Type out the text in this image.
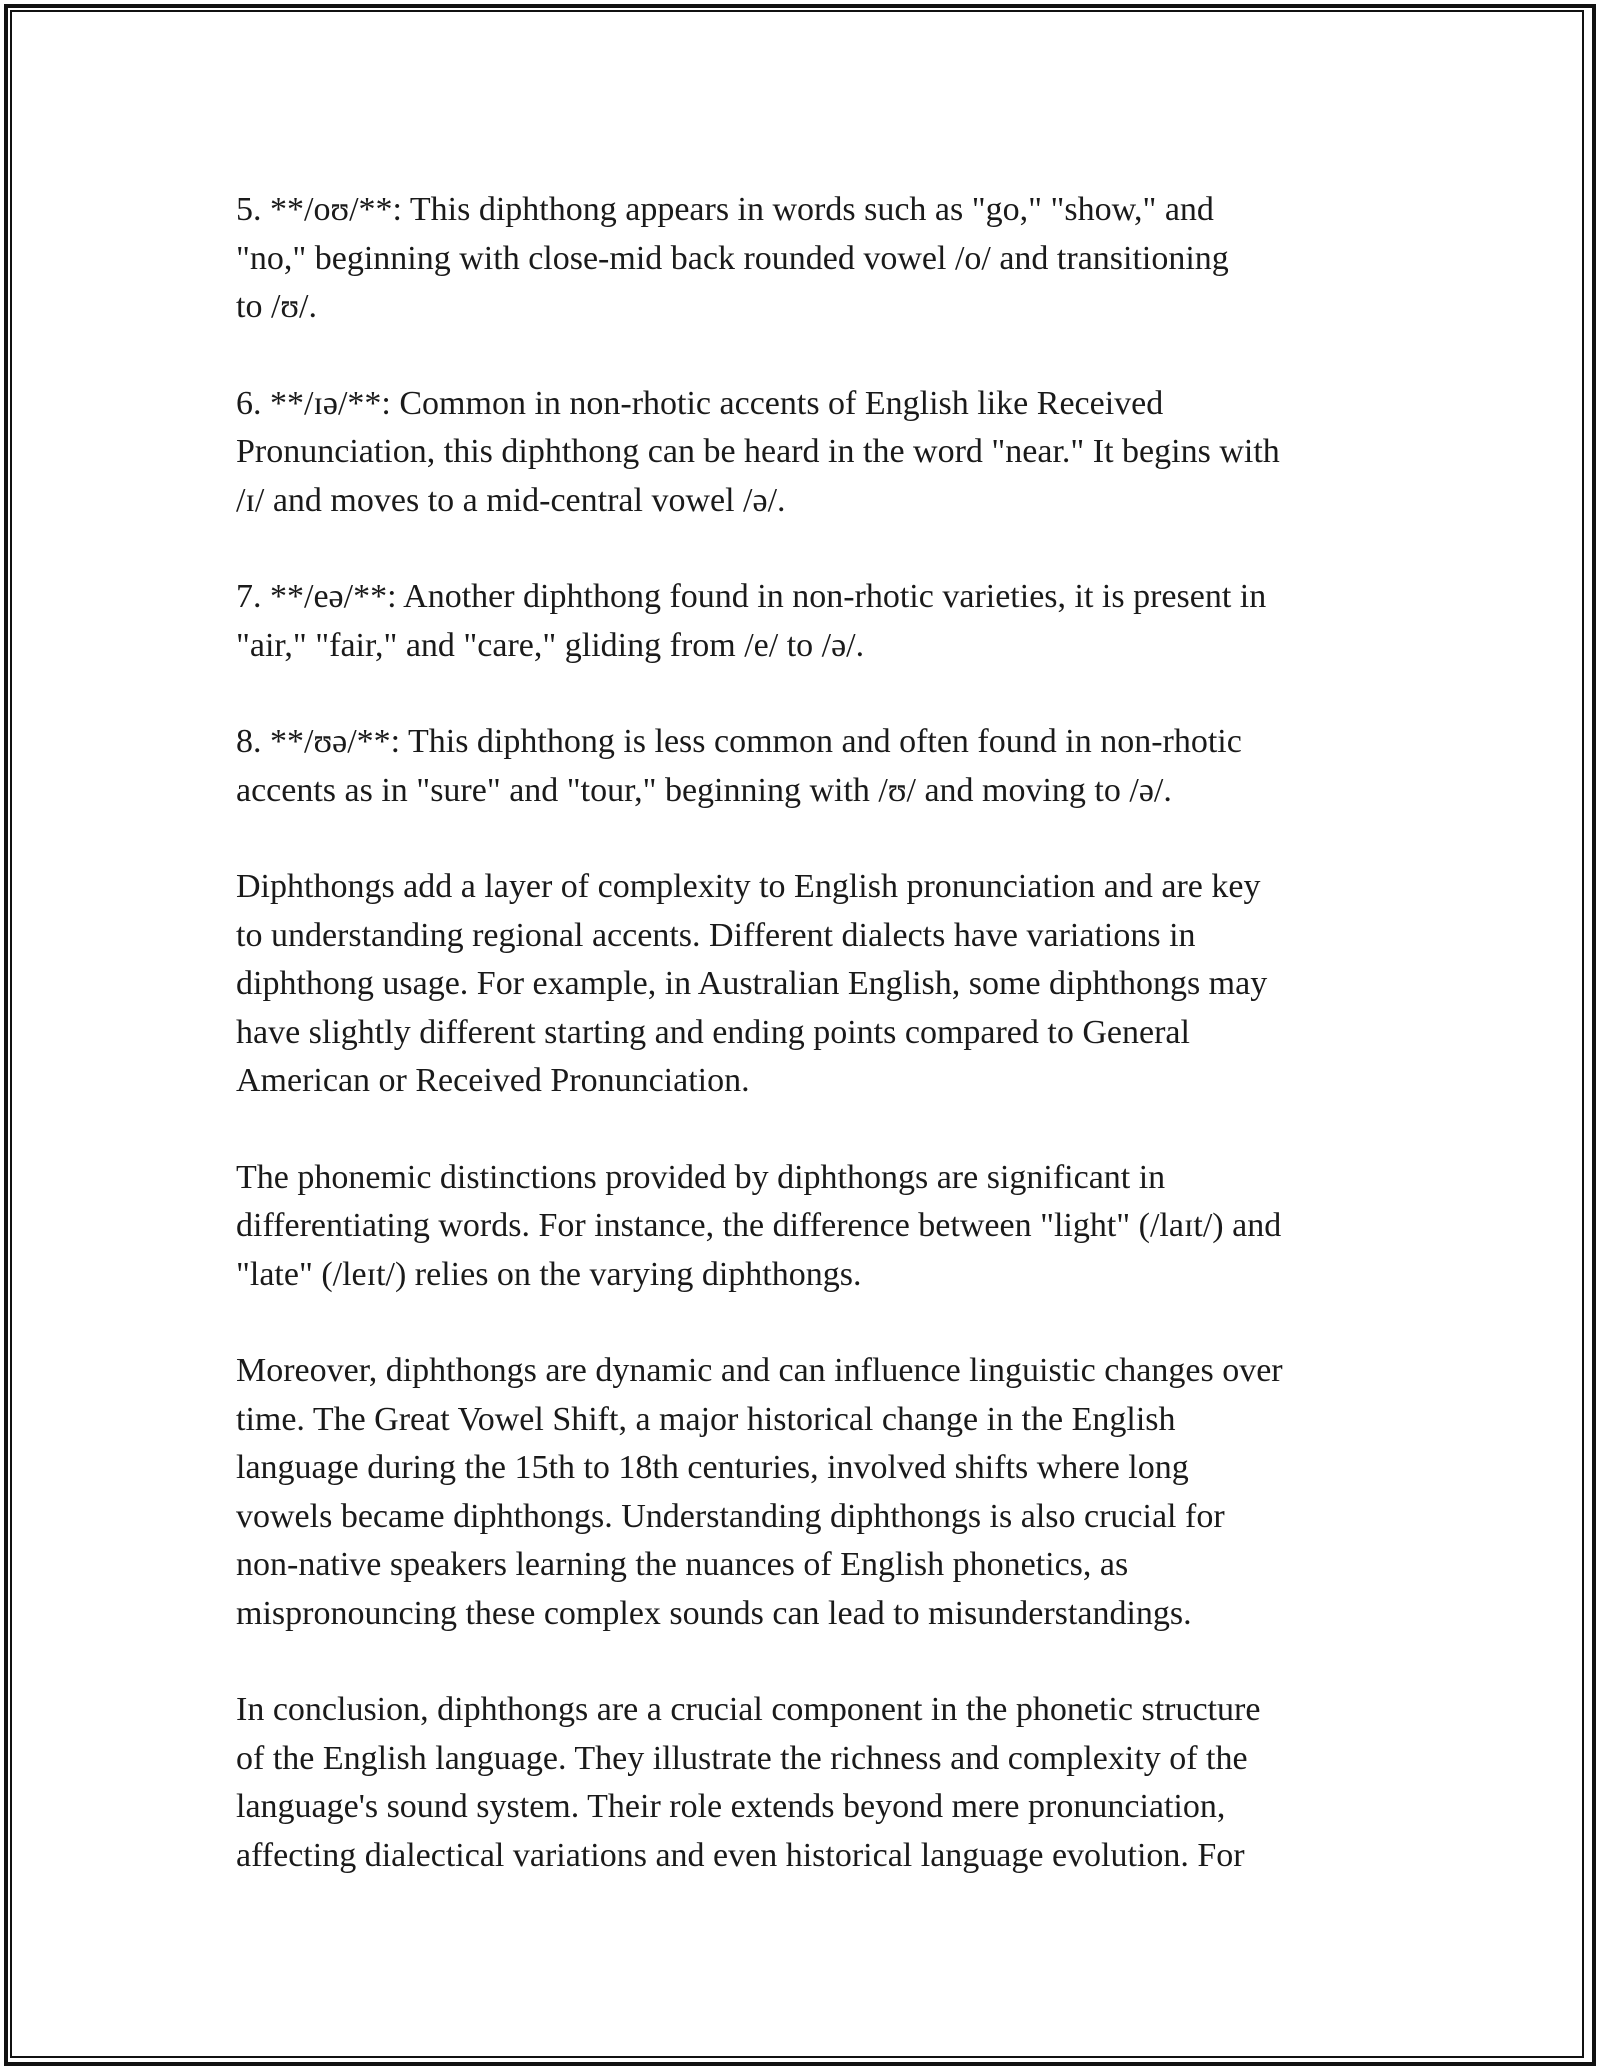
5. **/oʊ/**: This diphthong appears in words such as "go," "show," and
"no," beginning with close-mid back rounded vowel /o/ and transitioning
to /ʊ/.

6. **/ɪə/**: Common in non-rhotic accents of English like Received
Pronunciation, this diphthong can be heard in the word "near." It begins with
/ɪ/ and moves to a mid-central vowel /ə/.

7. **/eə/**: Another diphthong found in non-rhotic varieties, it is present in
"air," "fair," and "care," gliding from /e/ to /ə/.

8. **/ʊə/**: This diphthong is less common and often found in non-rhotic
accents as in "sure" and "tour," beginning with /ʊ/ and moving to /ə/.

Diphthongs add a layer of complexity to English pronunciation and are key
to understanding regional accents. Different dialects have variations in
diphthong usage. For example, in Australian English, some diphthongs may
have slightly different starting and ending points compared to General
American or Received Pronunciation.

The phonemic distinctions provided by diphthongs are significant in
differentiating words. For instance, the difference between "light" (/laɪt/) and
"late" (/leɪt/) relies on the varying diphthongs.

Moreover, diphthongs are dynamic and can influence linguistic changes over
time. The Great Vowel Shift, a major historical change in the English
language during the 15th to 18th centuries, involved shifts where long
vowels became diphthongs. Understanding diphthongs is also crucial for
non-native speakers learning the nuances of English phonetics, as
mispronouncing these complex sounds can lead to misunderstandings.

In conclusion, diphthongs are a crucial component in the phonetic structure
of the English language. They illustrate the richness and complexity of the
language's sound system. Their role extends beyond mere pronunciation,
affecting dialectical variations and even historical language evolution. For
